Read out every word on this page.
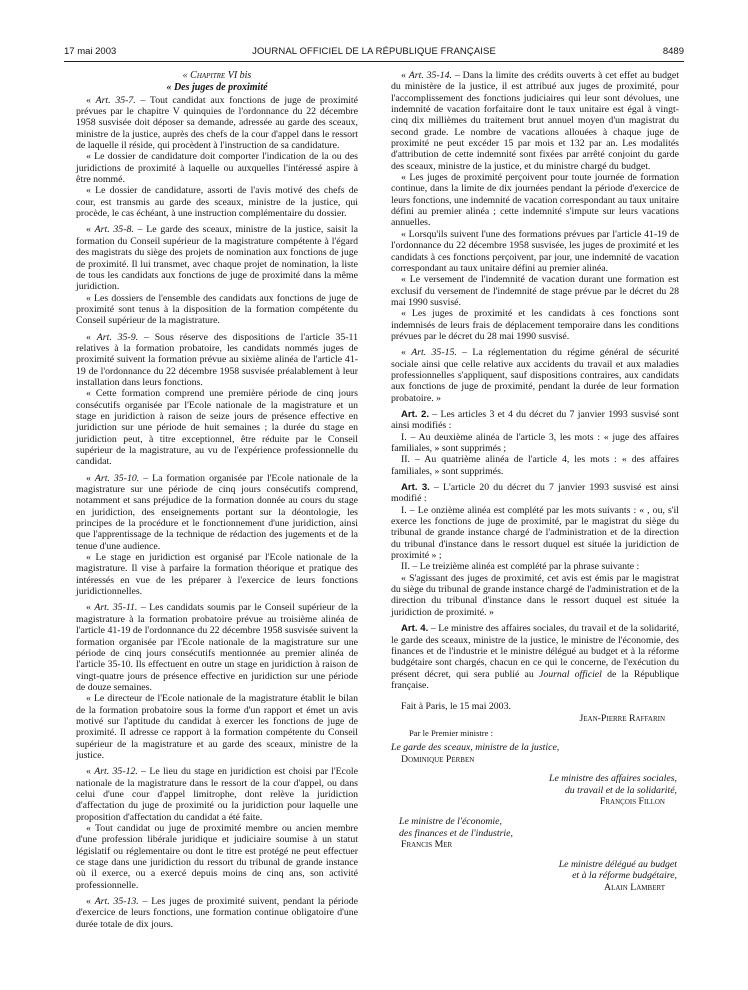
17 mai 2003	JOURNAL OFFICIEL DE LA RÉPUBLIQUE FRANÇAISE	8489
« Chapitre VI bis
« Des juges de proximité

« Art. 35-7. – Tout candidat aux fonctions de juge de proximité prévues par le chapitre V quinquies de l'ordonnance du 22 décembre 1958 susvisée doit déposer sa demande, adressée au garde des sceaux, ministre de la justice, auprès des chefs de la cour d'appel dans le ressort de laquelle il réside, qui procèdent à l'instruction de sa candidature.

« Le dossier de candidature doit comporter l'indication de la ou des juridictions de proximité à laquelle ou auxquelles l'intéressé aspire à être nommé.

« Le dossier de candidature, assorti de l'avis motivé des chefs de cour, est transmis au garde des sceaux, ministre de la justice, qui procède, le cas échéant, à une instruction complémentaire du dossier.

« Art. 35-8. – Le garde des sceaux, ministre de la justice, saisit la formation du Conseil supérieur de la magistrature compétente à l'égard des magistrats du siège des projets de nomination aux fonctions de juge de proximité. Il lui transmet, avec chaque projet de nomination, la liste de tous les candidats aux fonctions de juge de proximité dans la même juridiction.

« Les dossiers de l'ensemble des candidats aux fonctions de juge de proximité sont tenus à la disposition de la formation compétente du Conseil supérieur de la magistrature.

« Art. 35-9. – Sous réserve des dispositions de l'article 35-11 relatives à la formation probatoire, les candidats nommés juges de proximité suivent la formation prévue au sixième alinéa de l'article 41-19 de l'ordonnance du 22 décembre 1958 susvisée préalablement à leur installation dans leurs fonctions.

« Cette formation comprend une première période de cinq jours consécutifs organisée par l'Ecole nationale de la magistrature et un stage en juridiction à raison de seize jours de présence effective en juridiction sur une période de huit semaines ; la durée du stage en juridiction peut, à titre exceptionnel, être réduite par le Conseil supérieur de la magistrature, au vu de l'expérience professionnelle du candidat.

« Art. 35-10. – La formation organisée par l'Ecole nationale de la magistrature sur une période de cinq jours consécutifs comprend, notamment et sans préjudice de la formation donnée au cours du stage en juridiction, des enseignements portant sur la déontologie, les principes de la procédure et le fonctionnement d'une juridiction, ainsi que l'apprentissage de la technique de rédaction des jugements et de la tenue d'une audience.

« Le stage en juridiction est organisé par l'Ecole nationale de la magistrature. Il vise à parfaire la formation théorique et pratique des intéressés en vue de les préparer à l'exercice de leurs fonctions juridictionnelles.

« Art. 35-11. – Les candidats soumis par le Conseil supérieur de la magistrature à la formation probatoire prévue au troisième alinéa de l'article 41-19 de l'ordonnance du 22 décembre 1958 susvisée suivent la formation organisée par l'Ecole nationale de la magistrature sur une période de cinq jours consécutifs mentionnée au premier alinéa de l'article 35-10. Ils effectuent en outre un stage en juridiction à raison de vingt-quatre jours de présence effective en juridiction sur une période de douze semaines.

« Le directeur de l'Ecole nationale de la magistrature établit le bilan de la formation probatoire sous la forme d'un rapport et émet un avis motivé sur l'aptitude du candidat à exercer les fonctions de juge de proximité. Il adresse ce rapport à la formation compétente du Conseil supérieur de la magistrature et au garde des sceaux, ministre de la justice.

« Art. 35-12. – Le lieu du stage en juridiction est choisi par l'Ecole nationale de la magistrature dans le ressort de la cour d'appel, ou dans celui d'une cour d'appel limitrophe, dont relève la juridiction d'affectation du juge de proximité ou la juridiction pour laquelle une proposition d'affectation du candidat a été faite.

« Tout candidat ou juge de proximité membre ou ancien membre d'une profession libérale juridique et judiciaire soumise à un statut législatif ou réglementaire ou dont le titre est protégé ne peut effectuer ce stage dans une juridiction du ressort du tribunal de grande instance où il exerce, ou a exercé depuis moins de cinq ans, son activité professionnelle.

« Art. 35-13. – Les juges de proximité suivent, pendant la période d'exercice de leurs fonctions, une formation continue obligatoire d'une durée totale de dix jours.

« Art. 35-14. – Dans la limite des crédits ouverts à cet effet au budget du ministère de la justice, il est attribué aux juges de proximité, pour l'accomplissement des fonctions judiciaires qui leur sont dévolues, une indemnité de vacation forfaitaire dont le taux unitaire est égal à vingt-cinq dix millièmes du traitement brut annuel moyen d'un magistrat du second grade. Le nombre de vacations allouées à chaque juge de proximité ne peut excéder 15 par mois et 132 par an. Les modalités d'attribution de cette indemnité sont fixées par arrêté conjoint du garde des sceaux, ministre de la justice, et du ministre chargé du budget.

« Les juges de proximité perçoivent pour toute journée de formation continue, dans la limite de dix journées pendant la période d'exercice de leurs fonctions, une indemnité de vacation correspondant au taux unitaire défini au premier alinéa ; cette indemnité s'impute sur leurs vacations annuelles.

« Lorsqu'ils suivent l'une des formations prévues par l'article 41-19 de l'ordonnance du 22 décembre 1958 susvisée, les juges de proximité et les candidats à ces fonctions perçoivent, par jour, une indemnité de vacation correspondant au taux unitaire défini au premier alinéa.

« Le versement de l'indemnité de vacation durant une formation est exclusif du versement de l'indemnité de stage prévue par le décret du 28 mai 1990 susvisé.

« Les juges de proximité et les candidats à ces fonctions sont indemnisés de leurs frais de déplacement temporaire dans les conditions prévues par le décret du 28 mai 1990 susvisé.

« Art. 35-15. – La réglementation du régime général de sécurité sociale ainsi que celle relative aux accidents du travail et aux maladies professionnelles s'appliquent, sauf dispositions contraires, aux candidats aux fonctions de juge de proximité, pendant la durée de leur formation probatoire. »

Art. 2. – Les articles 3 et 4 du décret du 7 janvier 1993 susvisé sont ainsi modifiés :

I. – Au deuxième alinéa de l'article 3, les mots : « juge des affaires familiales, » sont supprimés ;

II. – Au quatrième alinéa de l'article 4, les mots : « des affaires familiales, » sont supprimés.

Art. 3. – L'article 20 du décret du 7 janvier 1993 susvisé est ainsi modifié :

I. – Le onzième alinéa est complété par les mots suivants : « , ou, s'il exerce les fonctions de juge de proximité, par le magistrat du siège du tribunal de grande instance chargé de l'administration et de la direction du tribunal d'instance dans le ressort duquel est située la juridiction de proximité » ;

II. – Le treizième alinéa est complété par la phrase suivante :

« S'agissant des juges de proximité, cet avis est émis par le magistrat du siège du tribunal de grande instance chargé de l'administration et de la direction du tribunal d'instance dans le ressort duquel est située la juridiction de proximité. »

Art. 4. – Le ministre des affaires sociales, du travail et de la solidarité, le garde des sceaux, ministre de la justice, le ministre de l'économie, des finances et de l'industrie et le ministre délégué au budget et à la réforme budgétaire sont chargés, chacun en ce qui le concerne, de l'exécution du présent décret, qui sera publié au Journal officiel de la République française.

Fait à Paris, le 15 mai 2003.

Jean-Pierre Raffarin

Par le Premier ministre :

Le garde des sceaux, ministre de la justice,

Dominique Perben

Le ministre des affaires sociales,

du travail et de la solidarité,

François Fillon

Le ministre de l'économie,

des finances et de l'industrie,

Francis Mer

Le ministre délégué au budget

et à la réforme budgétaire,

Alain Lambert
